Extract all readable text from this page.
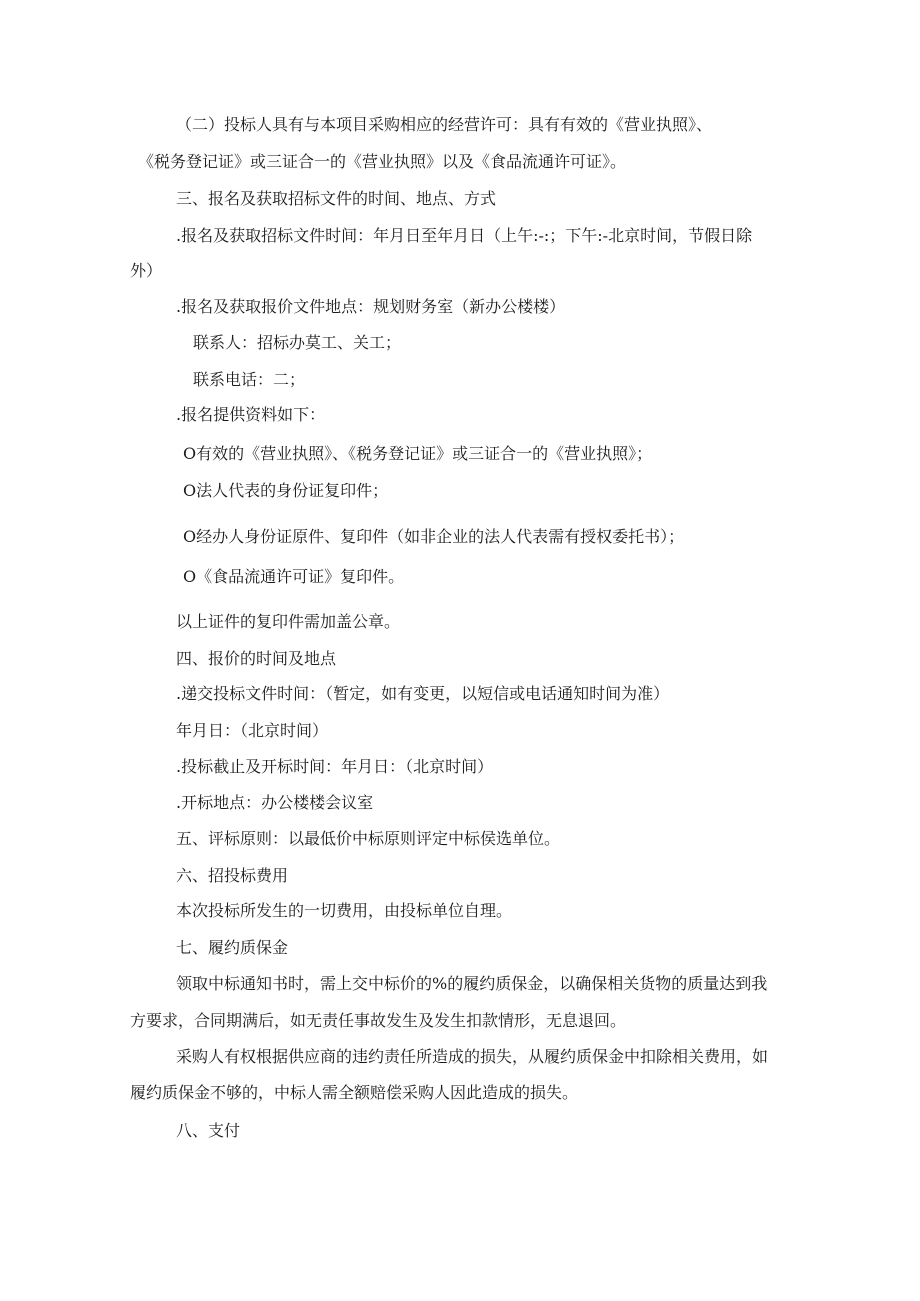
（二）投标人具有与本项目采购相应的经营许可：具有有效的《营业执照》、
《税务登记证》或三证合一的《营业执照》以及《食品流通许可证》。
三、报名及获取招标文件的时间、地点、方式
.报名及获取招标文件时间：年月日至年月日（上午:-:；下午:-北京时间，节假日除
外）
.报名及获取报价文件地点：规划财务室（新办公楼楼）
联系人：招标办莫工、关工；
联系电话：二；
.报名提供资料如下：
O有效的《营业执照》、《税务登记证》或三证合一的《营业执照》；
O法人代表的身份证复印件；
O经办人身份证原件、复印件（如非企业的法人代表需有授权委托书）；
O《食品流通许可证》复印件。
以上证件的复印件需加盖公章。
四、报价的时间及地点
.递交投标文件时间：（暂定，如有变更，以短信或电话通知时间为准）
年月日：（北京时间）
.投标截止及开标时间：年月日：（北京时间）
.开标地点：办公楼楼会议室
五、评标原则：以最低价中标原则评定中标侯选单位。
六、招投标费用
本次投标所发生的一切费用，由投标单位自理。
七、履约质保金
领取中标通知书时，需上交中标价的%的履约质保金，以确保相关货物的质量达到我
方要求，合同期满后，如无责任事故发生及发生扣款情形，无息退回。
采购人有权根据供应商的违约责任所造成的损失，从履约质保金中扣除相关费用，如
履约质保金不够的，中标人需全额赔偿采购人因此造成的损失。
八、支付
